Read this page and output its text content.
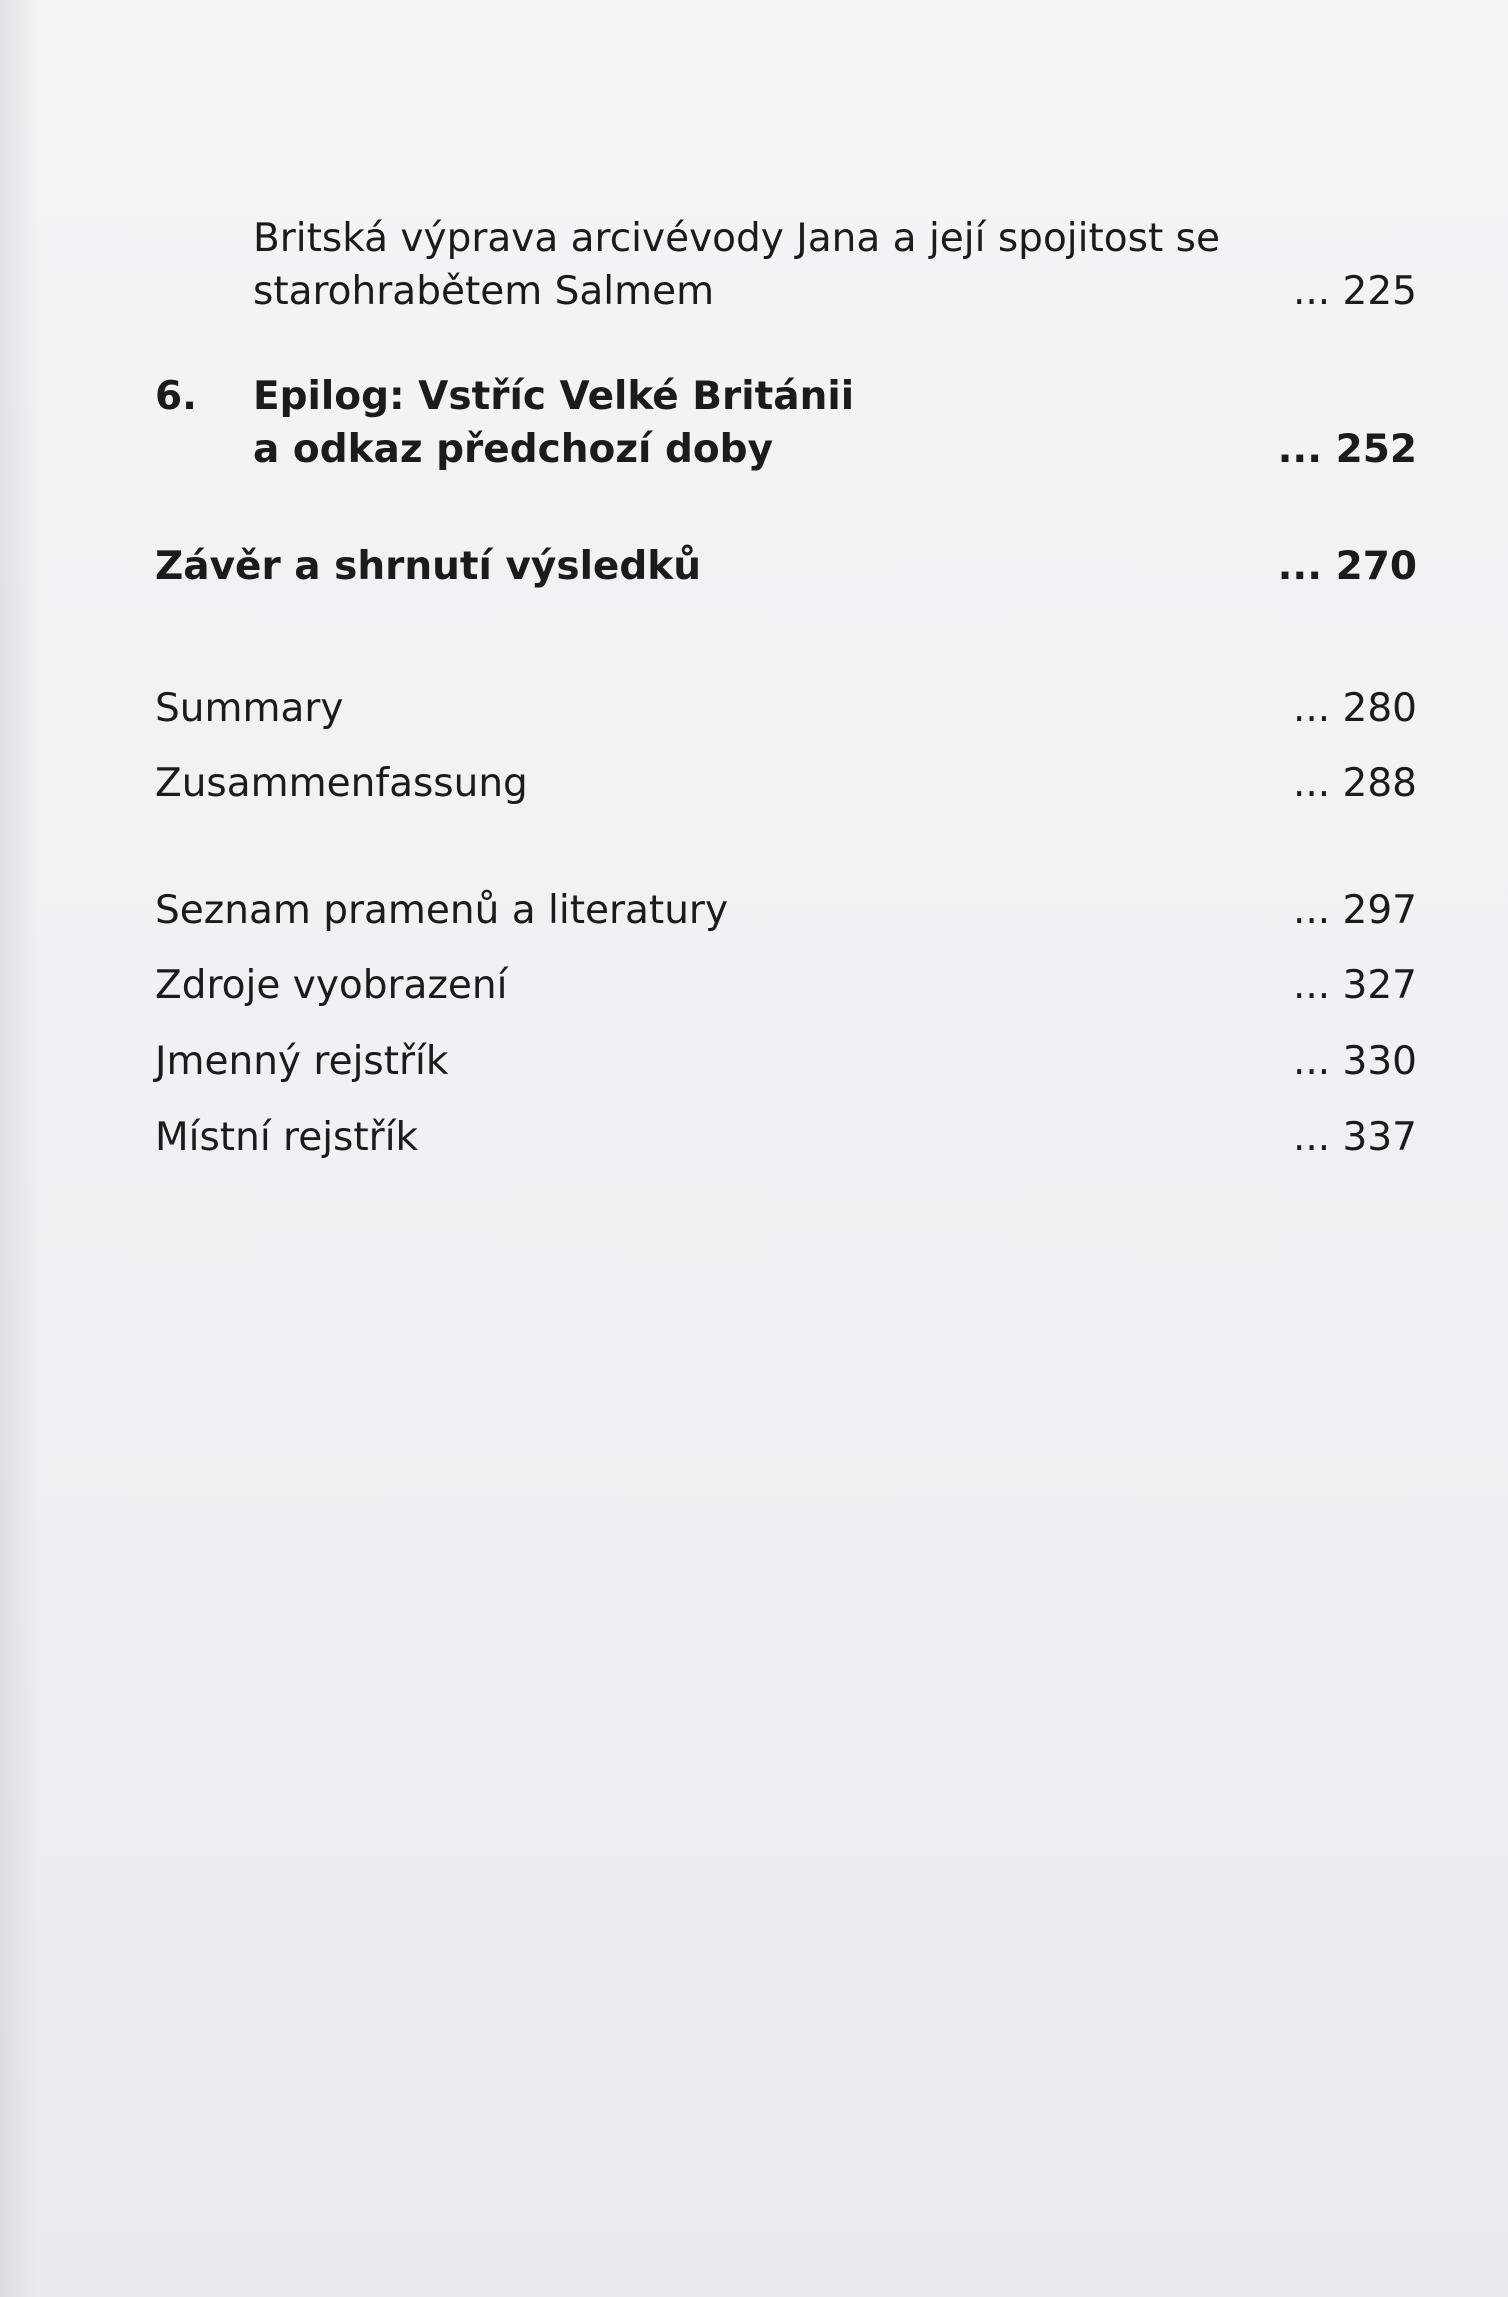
Britská výprava arcivévody Jana a její spojitost se
starohrabětem Salmem	... 225
6. Epilog: Vstříc Velké Británii
a odkaz předchozí doby	... 252
Závěr a shrnutí výsledků	... 270
Summary	... 280
Zusammenfassung	... 288
Seznam pramenů a literatury	... 297
Zdroje vyobrazení	... 327
Jmenný rejstřík	... 330
Místní rejstřík	... 337
